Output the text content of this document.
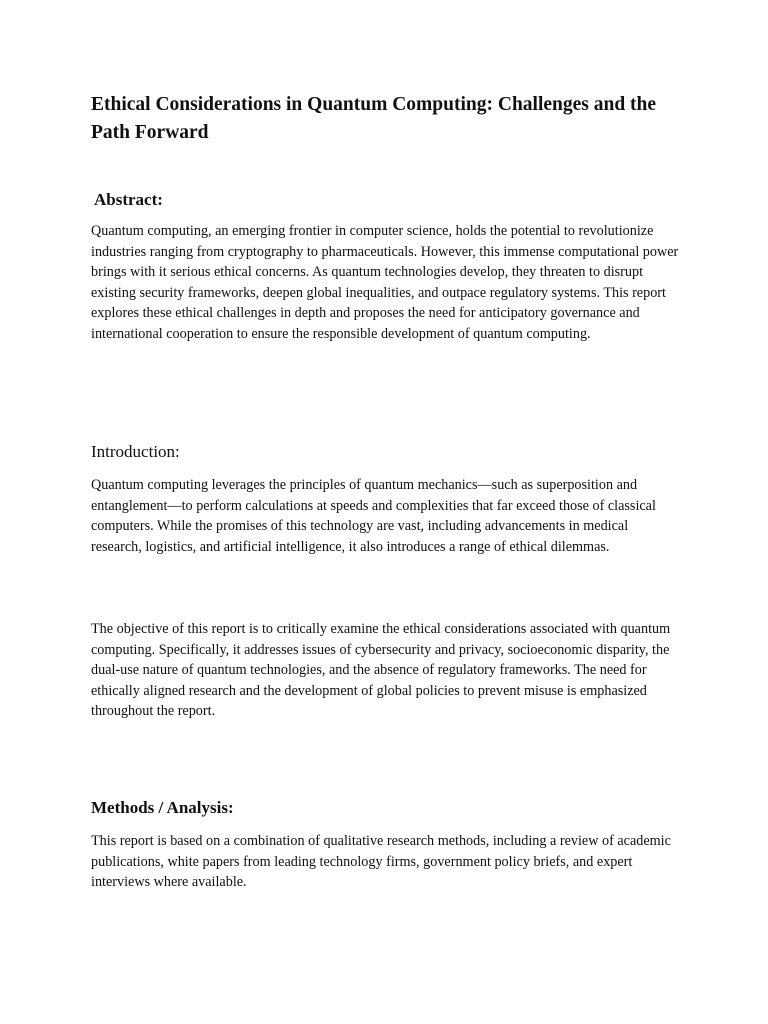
Ethical Considerations in Quantum Computing: Challenges and the Path Forward
Abstract:

Quantum computing, an emerging frontier in computer science, holds the potential to revolutionize industries ranging from cryptography to pharmaceuticals. However, this immense computational power brings with it serious ethical concerns. As quantum technologies develop, they threaten to disrupt existing security frameworks, deepen global inequalities, and outpace regulatory systems. This report explores these ethical challenges in depth and proposes the need for anticipatory governance and international cooperation to ensure the responsible development of quantum computing.

Introduction:

Quantum computing leverages the principles of quantum mechanics—such as superposition and entanglement—to perform calculations at speeds and complexities that far exceed those of classical computers. While the promises of this technology are vast, including advancements in medical research, logistics, and artificial intelligence, it also introduces a range of ethical dilemmas.

The objective of this report is to critically examine the ethical considerations associated with quantum computing. Specifically, it addresses issues of cybersecurity and privacy, socioeconomic disparity, the dual-use nature of quantum technologies, and the absence of regulatory frameworks. The need for ethically aligned research and the development of global policies to prevent misuse is emphasized throughout the report.

Methods / Analysis:

This report is based on a combination of qualitative research methods, including a review of academic publications, white papers from leading technology firms, government policy briefs, and expert interviews where available.
